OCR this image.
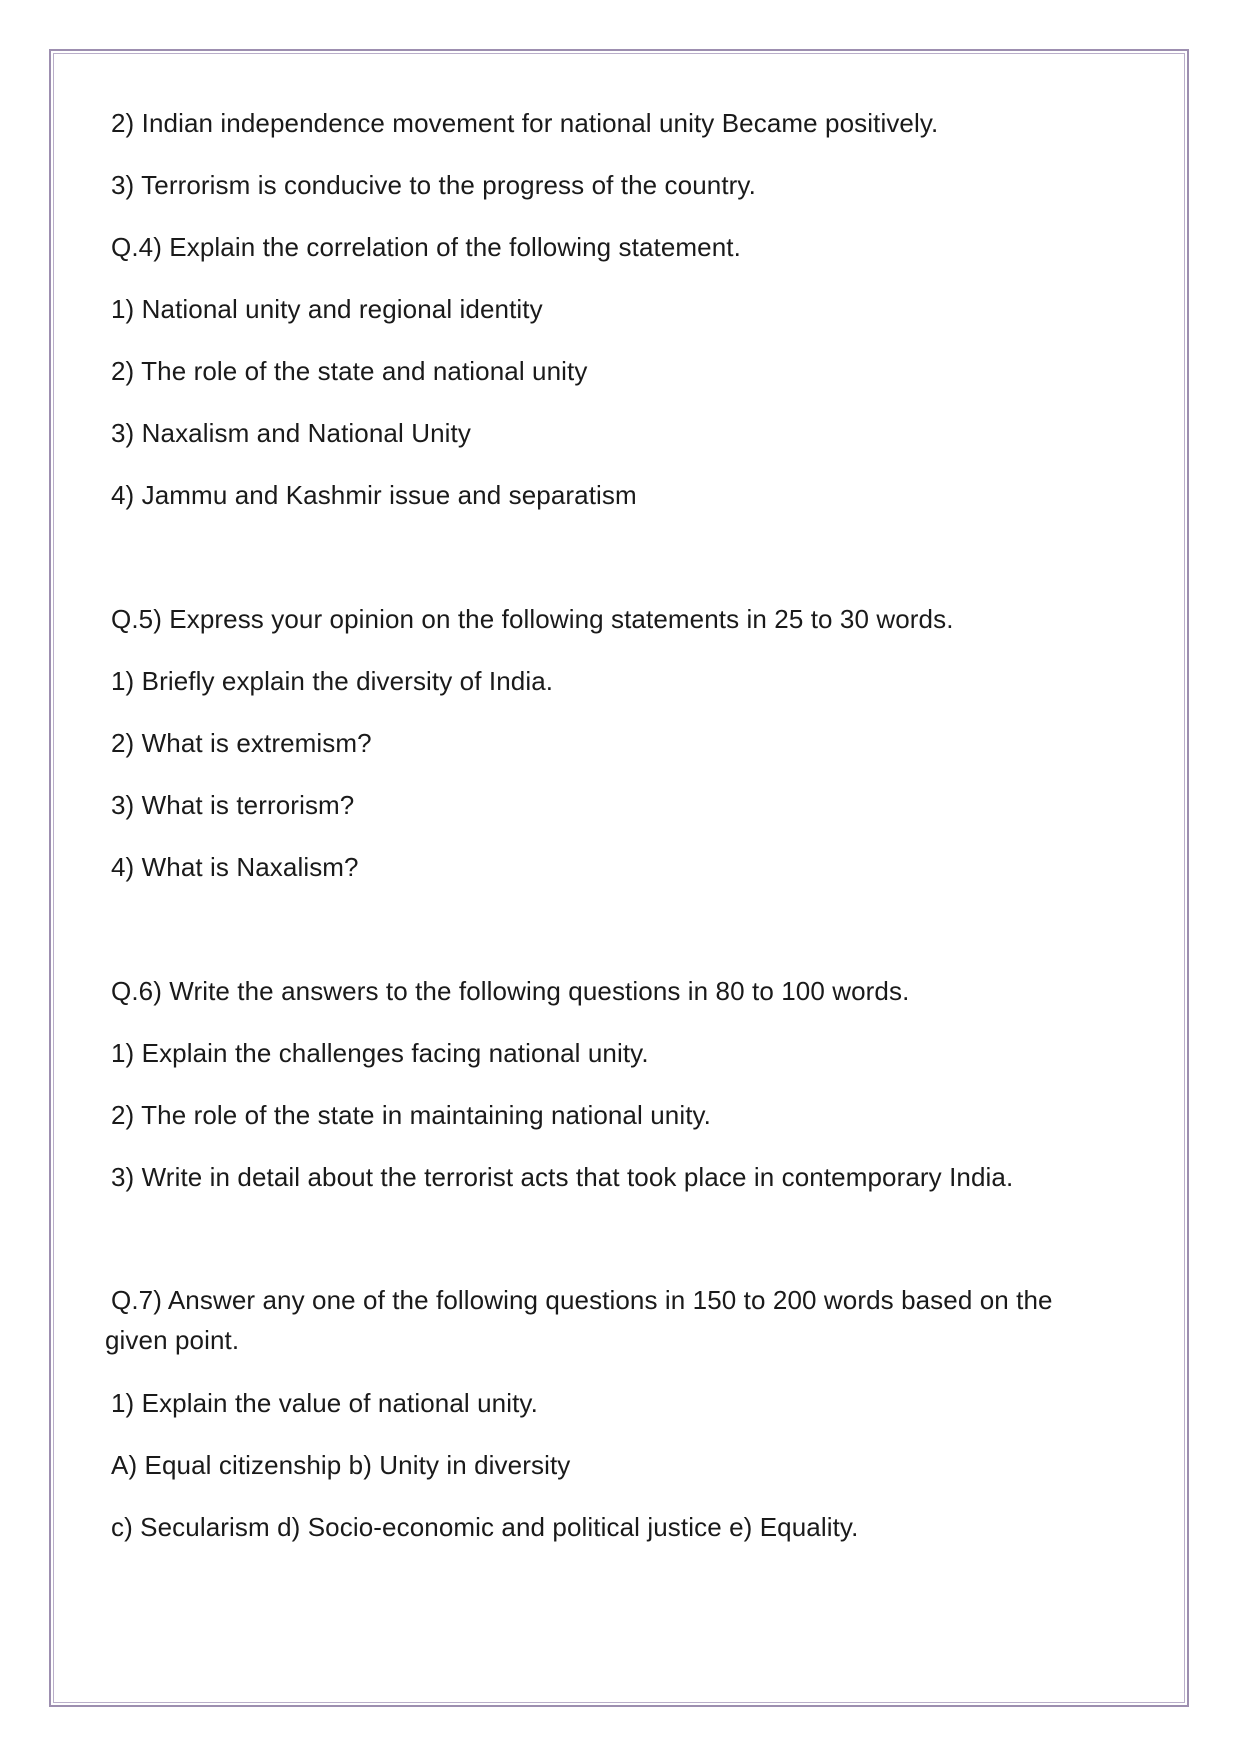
2) Indian independence movement for national unity Became positively.
3) Terrorism is conducive to the progress of the country.
Q.4) Explain the correlation of the following statement.
1) National unity and regional identity
2) The role of the state and national unity
3) Naxalism and National Unity
4) Jammu and Kashmir issue and separatism
Q.5) Express your opinion on the following statements in 25 to 30 words.
1) Briefly explain the diversity of India.
2) What is extremism?
3) What is terrorism?
4) What is Naxalism?
Q.6) Write the answers to the following questions in 80 to 100 words.
1) Explain the challenges facing national unity.
2) The role of the state in maintaining national unity.
3) Write in detail about the terrorist acts that took place in contemporary India.
Q.7) Answer any one of the following questions in 150 to 200 words based on the given point.
1) Explain the value of national unity.
A) Equal citizenship b) Unity in diversity
c) Secularism d) Socio-economic and political justice e) Equality.
